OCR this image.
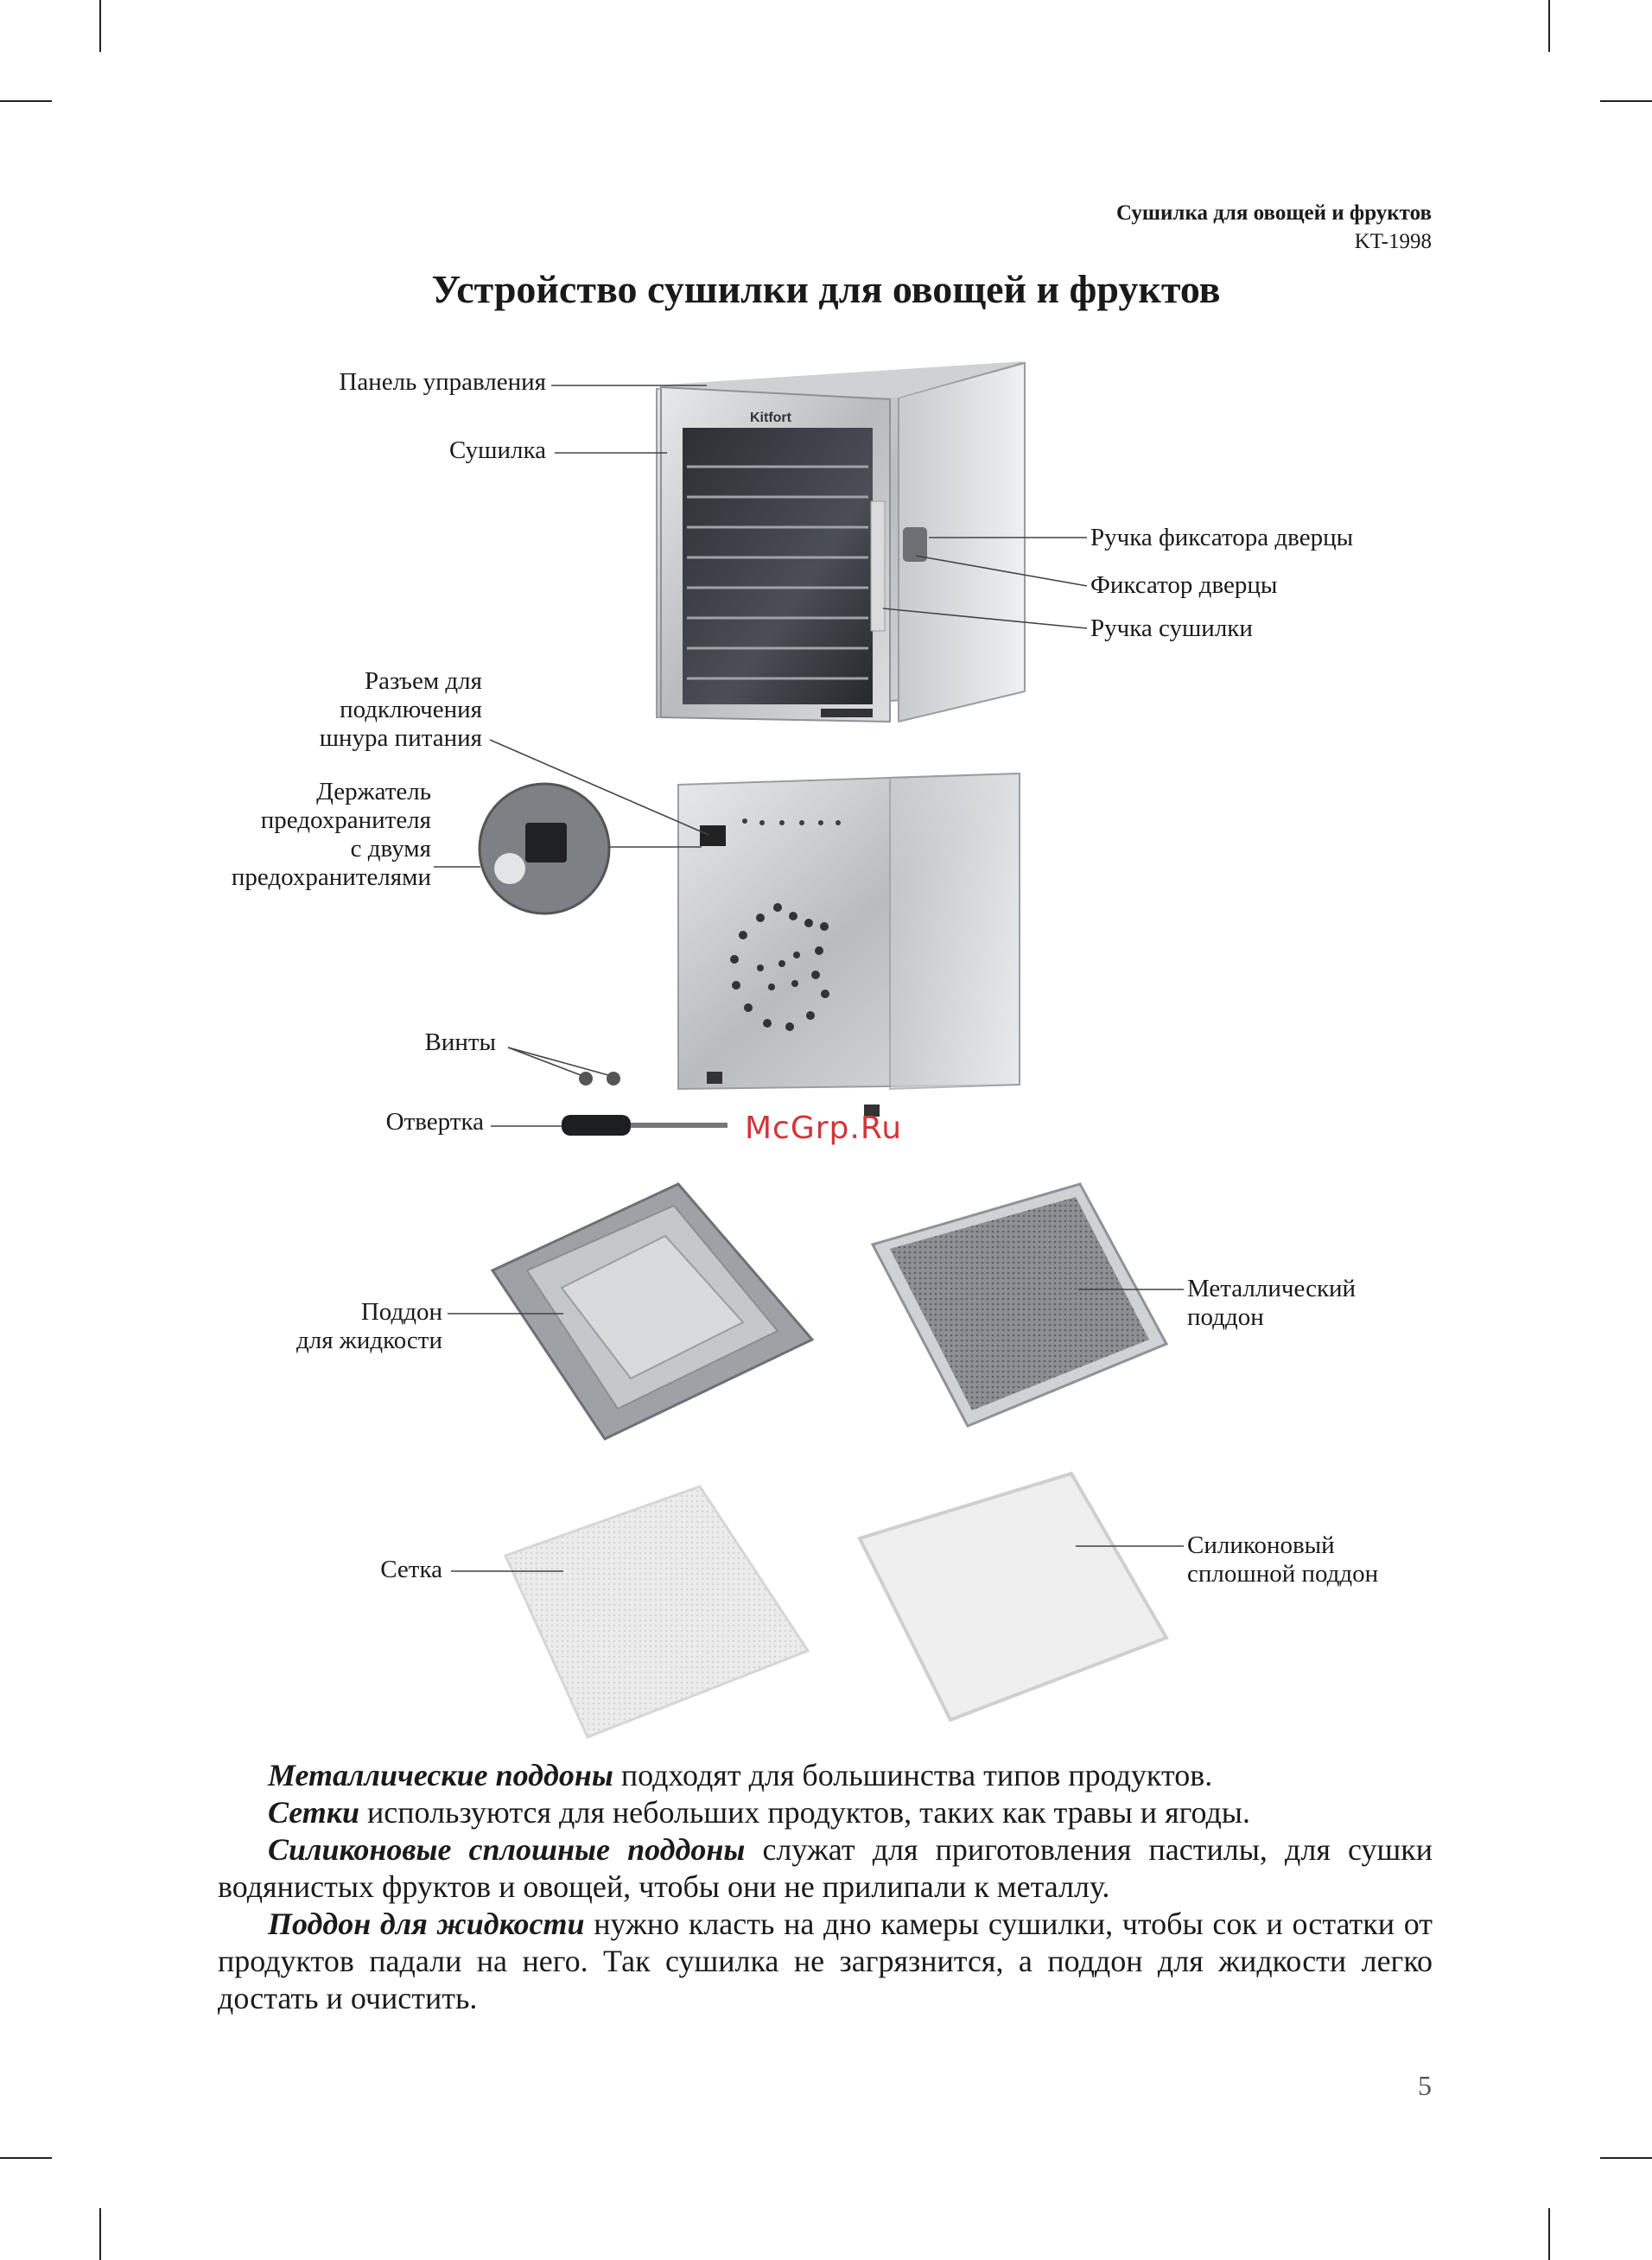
Сушилка для овощей и фруктов
KT-1998
Устройство сушилки для овощей и фруктов
Kitfort
Панель управления
Сушилка
Ручка фиксатора дверцы
Фиксатор дверцы
Ручка сушилки
Разъем для
подключения
шнура питания
Держатель
предохранителя
с двумя
предохранителями
Винты
Отвертка
Поддон
для жидкости
Металлический
поддон
Сетка
Силиконовый
сплошной поддон
McGrp.Ru

Металлические поддоны подходят для большинства типов продуктов.

Сетки используются для небольших продуктов, таких как травы и ягоды.

Силиконовые сплошные поддоны служат для приготовления пастилы, для сушки водянистых фруктов и овощей, чтобы они не прилипали к металлу.

Поддон для жидкости нужно класть на дно камеры сушилки, чтобы сок и остатки от продуктов падали на него. Так сушилка не загрязнится, а поддон для жидкости легко достать и очистить.

5
